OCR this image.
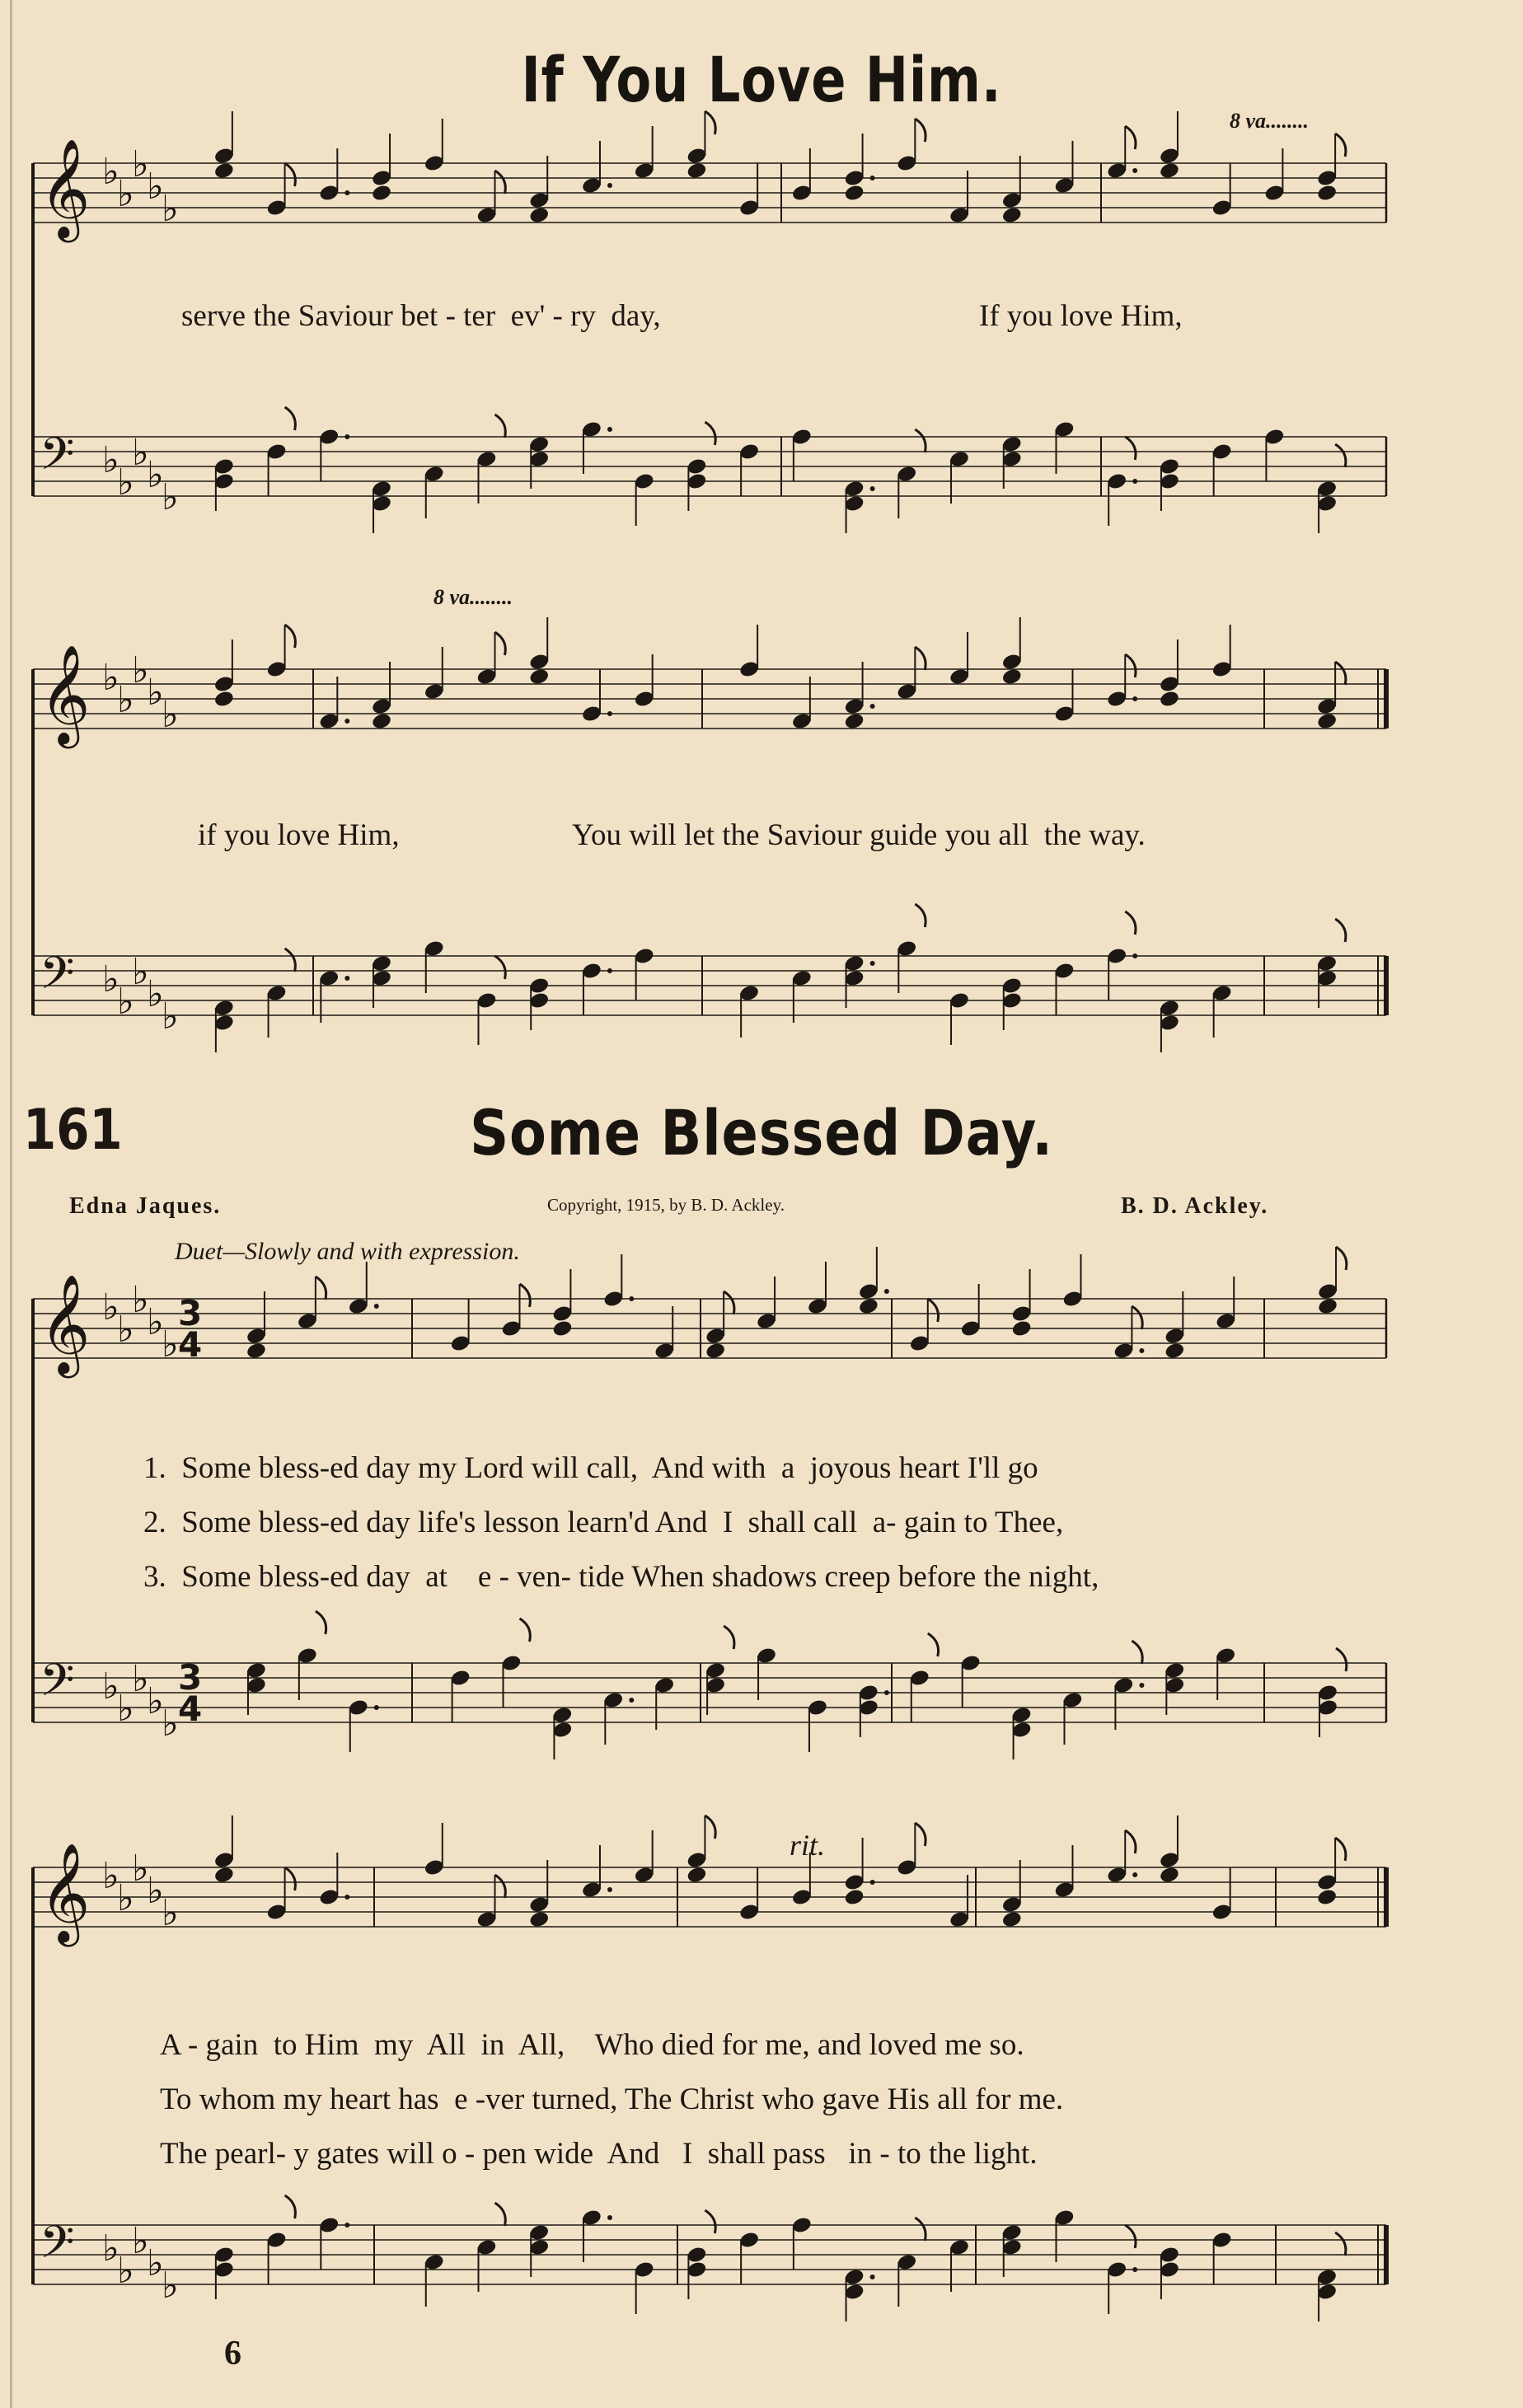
𝄞 ♭
♭
♭
♭
♭
𝄢 ♭
♭
♭
♭
♭
𝄞 ♭
♭
♭
♭
♭
𝄢 ♭
♭
♭
♭
♭
𝄞 ♭
♭
♭
♭
♭
3
4
𝄢 ♭
♭
♭
♭
♭
3
4
𝄞 ♭
♭
♭
♭
♭
𝄢 ♭
♭
♭
♭
♭
If You Love Him.
8 va........
serve the Saviour bet - ter  ev' - ry  day,	If you love Him,
8 va........
if you love Him,	You will let the Saviour guide you all  the way.
161	Some Blessed Day.
Edna Jaques.	Copyright, 1915, by B. D. Ackley.	B. D. Ackley.
Duet—Slowly and with expression.
1.  Some bless-ed day my Lord will call,  And with  a  joyous heart I'll go
2.  Some bless-ed day life's lesson learn'd And  I  shall call  a- gain to Thee,
3.  Some bless-ed day  at    e - ven- tide When shadows creep before the night,
rit.
A - gain  to Him  my  All  in  All,    Who died for me, and loved me so.
To whom my heart has  e -ver turned, The Christ who gave His all for me.
The pearl- y gates will o - pen wide  And   I  shall pass   in - to the light.
6
